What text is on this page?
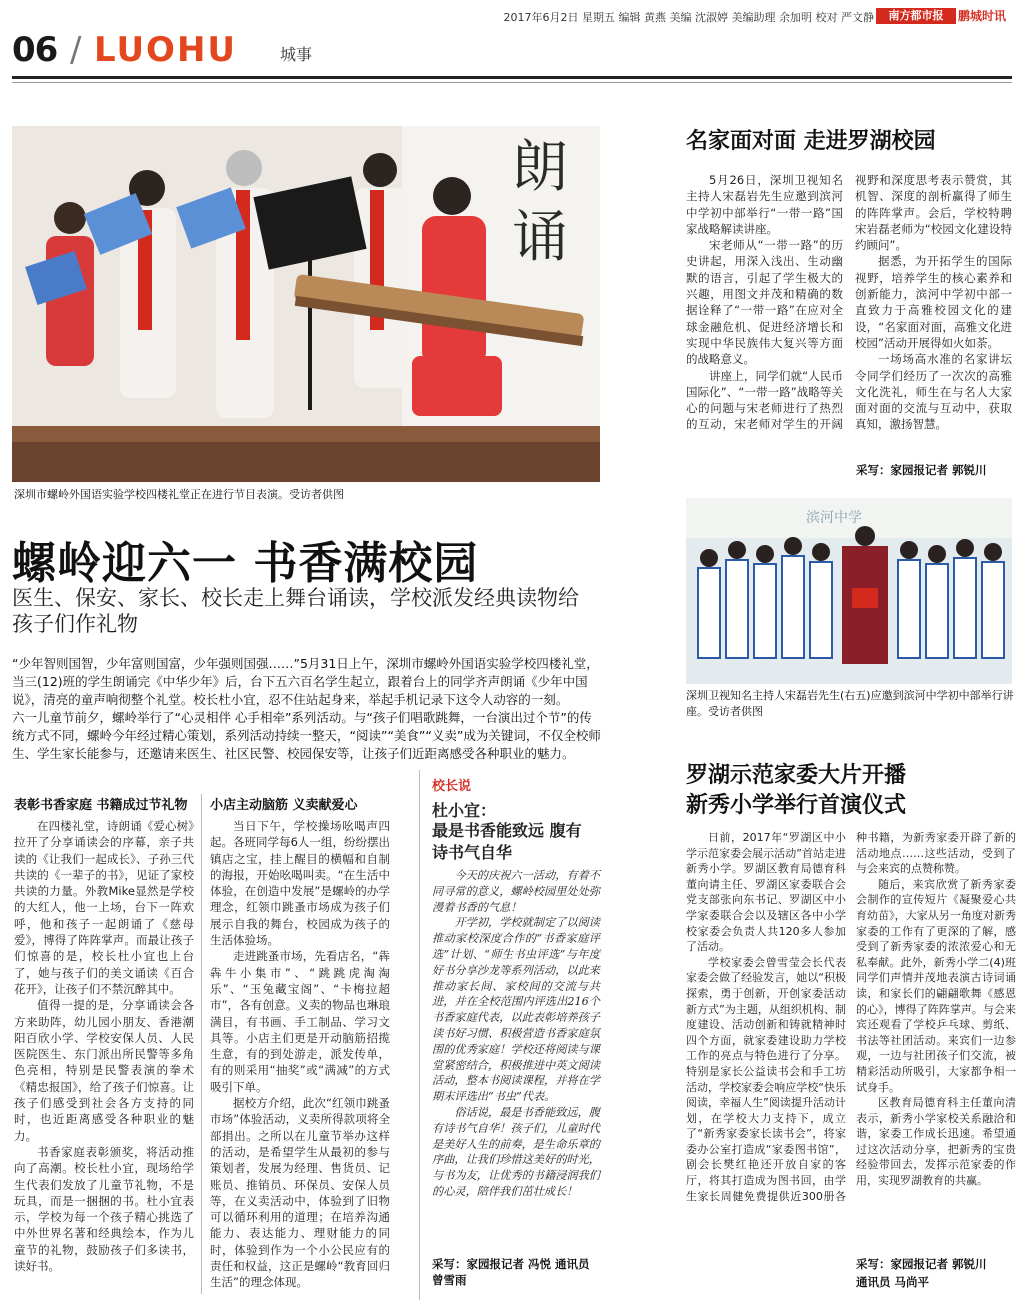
2017年6月2日 星期五 编辑 黄燕 美编 沈淑婷 美编助理 余加明 校对 严文静	南方都市报	鹏城时讯
06 / LUOHU	城事
朗诵
深圳市螺岭外国语实验学校四楼礼堂正在进行节目表演。受访者供图
螺岭迎六一 书香满校园
医生、保安、家长、校长走上舞台诵读，学校派发经典读物给孩子们作礼物

“少年智则国智，少年富则国富，少年强则国强……”5月31日上午，深圳市螺岭外国语实验学校四楼礼堂，当三(12)班的学生朗诵完《中华少年》后，台下五六百名学生起立，跟着台上的同学齐声朗诵《少年中国说》，清亮的童声响彻整个礼堂。校长杜小宜，忍不住站起身来，举起手机记录下这令人动容的一刻。

六一儿童节前夕，螺岭举行了“心灵相伴 心手相牵”系列活动。与“孩子们唱歌跳舞，一台演出过个节”的传统方式不同，螺岭今年经过精心策划，系列活动持续一整天，“阅读”“美食”“义卖”成为关键词，不仅全校师生、学生家长能参与，还邀请来医生、社区民警、校园保安等，让孩子们近距离感受各种职业的魅力。

表彰书香家庭 书籍成过节礼物

在四楼礼堂，诗朗诵《爱心树》拉开了分享诵读会的序幕，亲子共读的《让我们一起成长》、子孙三代共读的《一辈子的书》，见证了家校共读的力量。外教Mike显然是学校的大红人，他一上场，台下一阵欢呼，他和孩子一起朗诵了《慈母爱》，博得了阵阵掌声。而最让孩子们惊喜的是，校长杜小宜也上台了，她与孩子们的美文诵读《百合花开》，让孩子们不禁沉醉其中。

值得一提的是，分享诵读会各方来助阵，幼儿园小朋友、香港潮阳百欣小学、学校安保人员、人民医院医生、东门派出所民警等多角色亮相，特别是民警表演的拳术《精忠报国》，给了孩子们惊喜。让孩子们感受到社会各方支持的同时，也近距离感受各种职业的魅力。

书香家庭表彰颁奖，将活动推向了高潮。校长杜小宜，现场给学生代表们发放了儿童节礼物，不是玩具，而是一捆捆的书。杜小宜表示，学校为每一个孩子精心挑选了中外世界名著和经典绘本，作为儿童节的礼物，鼓励孩子们多读书，读好书。

小店主动脑筋 义卖献爱心

当日下午，学校操场吆喝声四起。各班同学每6人一组，纷纷摆出镇店之宝，挂上醒目的横幅和自制的海报，开始吆喝叫卖。“在生活中体验，在创造中发展”是螺岭的办学理念，红领巾跳蚤市场成为孩子们展示自我的舞台，校园成为孩子的生活体验场。

走进跳蚤市场，先看店名，“犇犇牛小集市”、“跳跳虎淘淘乐”、“玉兔藏宝阁”、“卡梅拉超市”，各有创意。义卖的物品也琳琅满目，有书画、手工制品、学习文具等。小店主们更是开动脑筋招揽生意，有的到处游走，派发传单，有的则采用“抽奖”或“满减”的方式吸引下单。

据校方介绍，此次“红领巾跳蚤市场”体验活动，义卖所得款项将全部捐出。之所以在儿童节举办这样的活动，是希望学生从最初的参与策划者，发展为经理、售货员、记账员、推销员、环保员、安保人员等，在义卖活动中，体验到了旧物可以循环利用的道理；在培养沟通能力、表达能力、理财能力的同时，体验到作为一个小公民应有的责任和权益，这正是螺岭“教育回归生活”的理念体现。

校长说
杜小宜：
最是书香能致远 腹有诗书气自华

今天的庆祝六一活动，有着不同寻常的意义，螺岭校园里处处弥漫着书香的气息！

开学初，学校就制定了以阅读推动家校深度合作的“书香家庭评选”计划、“师生书虫评选”与年度好书分享沙龙等系列活动，以此来推动家长间、家校间的交流与共进，并在全校范围内评选出216个书香家庭代表，以此表彰培养孩子读书好习惯、积极营造书香家庭氛围的优秀家庭！学校还将阅读与课堂紧密结合，积极推进中英文阅读活动，整本书阅读课程，并将在学期末评选出“书虫”代表。

俗话说，最是书香能致远，腹有诗书气自华！孩子们，儿童时代是美好人生的前奏，是生命乐章的序曲，让我们珍惜这美好的时光，与书为友，让优秀的书籍浸润我们的心灵，陪伴我们茁壮成长！

采写：家园报记者 冯悦 通讯员 曾雪雨
名家面对面 走进罗湖校园

5月26日，深圳卫视知名主持人宋磊岩先生应邀到滨河中学初中部举行“一带一路”国家战略解读讲座。

宋老师从“一带一路”的历史讲起，用深入浅出、生动幽默的语言，引起了学生极大的兴趣，用图文并茂和精确的数据诠释了“一带一路”在应对全球金融危机、促进经济增长和实现中华民族伟大复兴等方面的战略意义。

讲座上，同学们就“人民币国际化”、“一带一路”战略等关心的问题与宋老师进行了热烈的互动，宋老师对学生的开阔视野和深度思考表示赞赏，其机智、深度的剖析赢得了师生的阵阵掌声。会后，学校特聘宋岩磊老师为“校园文化建设特约顾问”。

据悉，为开拓学生的国际视野，培养学生的核心素养和创新能力，滨河中学初中部一直致力于高雅校园文化的建设，“名家面对面，高雅文化进校园”活动开展得如火如荼。

一场场高水准的名家讲坛令同学们经历了一次次的高雅文化洗礼，师生在与名人大家面对面的交流与互动中，获取真知，激扬智慧。

采写：家园报记者 郭锐川
滨河中学
深圳卫视知名主持人宋磊岩先生(右五)应邀到滨河中学初中部举行讲座。受访者供图
罗湖示范家委大片开播
新秀小学举行首演仪式

日前，2017年“罗湖区中小学示范家委会展示活动”首站走进新秀小学。罗湖区教育局德育科董向请主任、罗湖区家委联合会党支部张向东书记、罗湖区中小学家委联合会以及辖区各中小学校家委会负责人共120多人参加了活动。

学校家委会曾雪莹会长代表家委会做了经验发言，她以“积极探索，勇于创新，开创家委活动新方式”为主题，从组织机构、制度建设、活动创新和铸就精神时四个方面，就家委建设助力学校工作的亮点与特色进行了分享。特别是家长公益读书会和手工坊活动，学校家委会响应学校“快乐阅读，幸福人生”阅读提升活动计划，在学校大力支持下，成立了“新秀家委家长读书会”，将家委办公室打造成“家委图书馆”，剧会长樊红艳还开放自家的客厅，将其打造成为图书回，由学生家长周健免费提供近300册各种书籍，为新秀家委开辟了新的活动地点……这些活动，受到了与会来宾的点赞称赞。

随后，来宾欣赏了新秀家委会制作的宣传短片《凝聚爱心共育幼苗》，大家从另一角度对新秀家委的工作有了更深的了解，感受到了新秀家委的浓浓爱心和无私奉献。此外，新秀小学二(4)班同学们声情并茂地表演古诗词诵读，和家长们的翩翩歌舞《感恩的心》，博得了阵阵掌声。与会来宾还观看了学校乒乓球、剪纸、书法等社团活动。来宾们一边参观，一边与社团孩子们交流，被精彩活动所吸引，大家都争相一试身手。

区教育局德育科主任董向清表示，新秀小学家校关系融洽和谐，家委工作成长迅速。希望通过这次活动分享，把新秀的宝贵经验带回去，发挥示范家委的作用，实现罗湖教育的共赢。

采写：家园报记者 郭锐川
通讯员 马尚平
